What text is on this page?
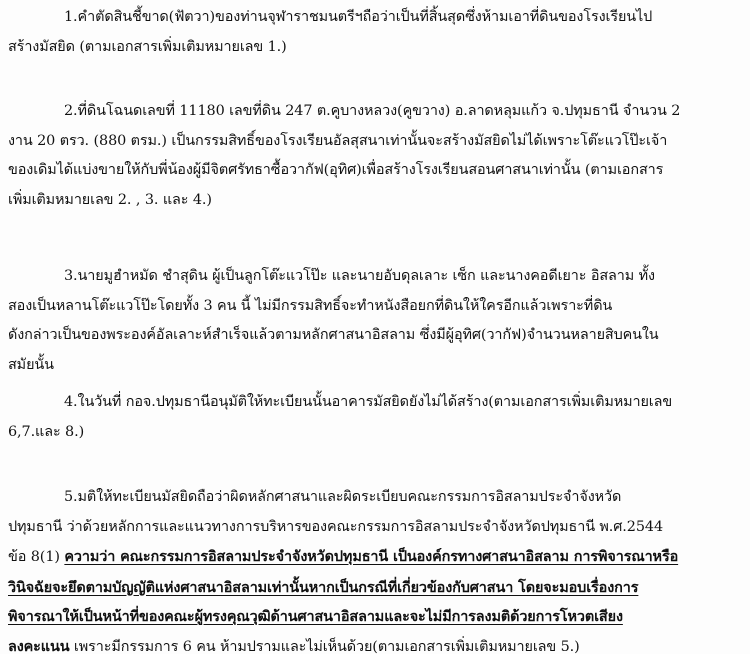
1.คำตัดสินชี้ขาด(ฟัตวา)ของท่านจุฬาราชมนตรีฯถือว่าเป็นที่สิ้นสุดซึ่งห้ามเอาที่ดินของโรงเรียนไป
สร้างมัสยิด (ตามเอกสารเพิ่มเติมหมายเลข 1.)
2.ที่ดินโฉนดเลขที่ 11180 เลขที่ดิน 247 ต.คูบางหลวง(คูขวาง) อ.ลาดหลุมแก้ว จ.ปทุมธานี จำนวน 2
งาน 20 ตรว. (880 ตรม.) เป็นกรรมสิทธิ์ของโรงเรียนอัลสุสนาเท่านั้นจะสร้างมัสยิดไม่ได้เพราะโต๊ะแวโป๊ะเจ้า
ของเดิมได้แบ่งขายให้กับพี่น้องผู้มีจิตศรัทธาซื้อวากัฟ(อุทิศ)เพื่อสร้างโรงเรียนสอนศาสนาเท่านั้น (ตามเอกสาร
เพิ่มเติมหมายเลข 2. , 3. และ 4.)
3.นายมูฮำหมัด ชำสุดิน ผู้เป็นลูกโต๊ะแวโป๊ะ และนายอับดุลเลาะ เซ็ก และนางคอดีเยาะ อิสลาม ทั้ง
สองเป็นหลานโต๊ะแวโป๊ะโดยทั้ง 3 คน นี้ ไม่มีกรรมสิทธิ์จะทำหนังสือยกที่ดินให้ใครอีกแล้วเพราะที่ดิน
ดังกล่าวเป็นของพระองค์อัลเลาะห์สำเร็จแล้วตามหลักศาสนาอิสลาม ซึ่งมีผู้อุทิศ(วากัฟ)จำนวนหลายสิบคนใน
สมัยนั้น
4.ในวันที่ กอจ.ปทุมธานีอนุมัติให้ทะเบียนนั้นอาคารมัสยิดยังไม่ได้สร้าง(ตามเอกสารเพิ่มเติมหมายเลข
6,7.และ 8.)
5.มติให้ทะเบียนมัสยิดถือว่าผิดหลักศาสนาและผิดระเบียบคณะกรรมการอิสลามประจำจังหวัด
ปทุมธานี ว่าด้วยหลักการและแนวทางการบริหารของคณะกรรมการอิสลามประจำจังหวัดปทุมธานี พ.ศ.2544
ข้อ 8(1) ความว่า คณะกรรมการอิสลามประจำจังหวัดปทุมธานี เป็นองค์กรทางศาสนาอิสลาม การพิจารณาหรือ
วินิจฉัยจะยึดตามบัญญัติแห่งศาสนาอิสลามเท่านั้นหากเป็นกรณีที่เกี่ยวข้องกับศาสนา โดยจะมอบเรื่องการ
พิจารณาให้เป็นหน้าที่ของคณะผู้ทรงคุณวุฒิด้านศาสนาอิสลามและจะไม่มีการลงมติด้วยการโหวตเสียง
ลงคะแนน เพราะมีกรรมการ 6 คน ห้ามปรามและไม่เห็นด้วย(ตามเอกสารเพิ่มเติมหมายเลข 5.)
